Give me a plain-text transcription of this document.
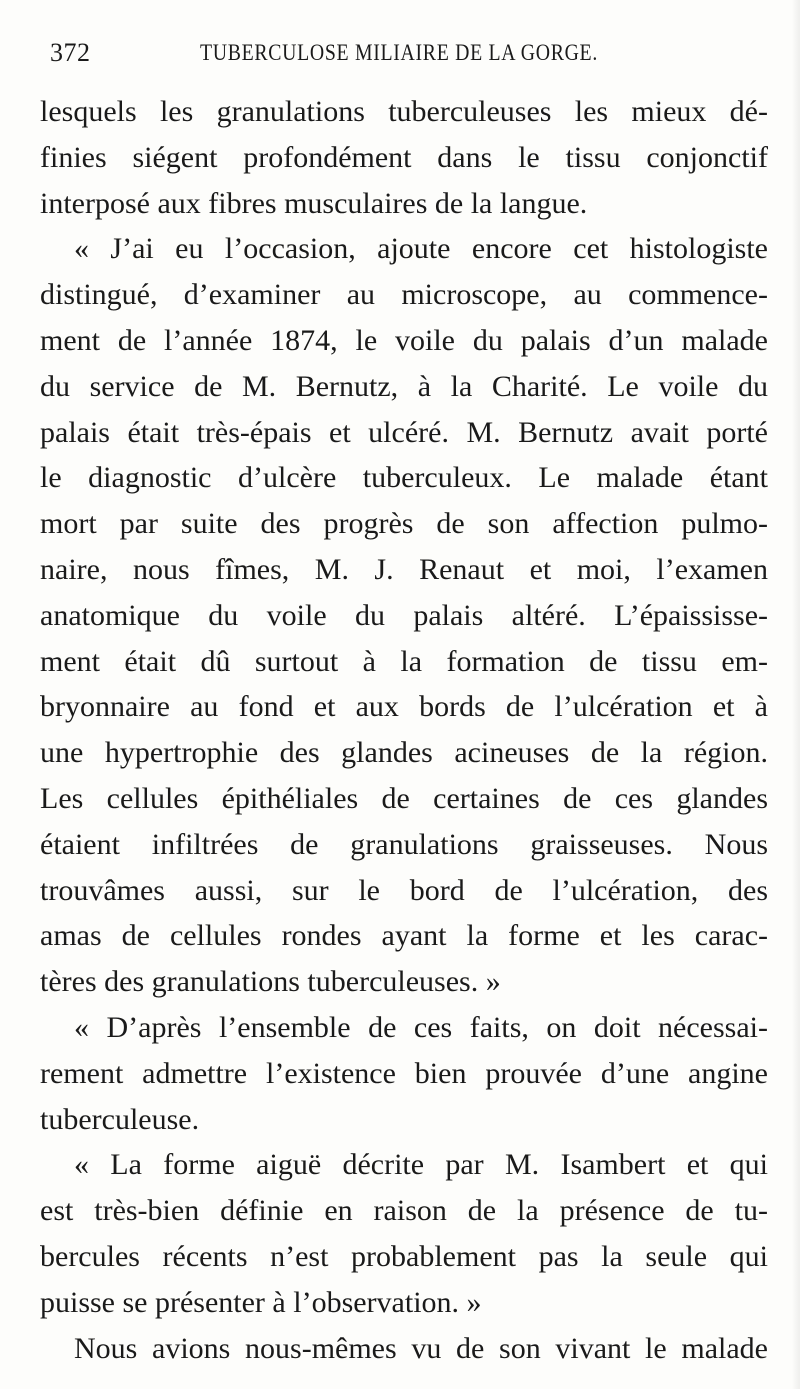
372	TUBERCULOSE MILIAIRE DE LA GORGE.
lesquels les granulations tuberculeuses les mieux dé-
finies siégent profondément dans le tissu conjonctif
interposé aux fibres musculaires de la langue.
« J’ai eu l’occasion, ajoute encore cet histologiste
distingué, d’examiner au microscope, au commence-
ment de l’année 1874, le voile du palais d’un malade
du service de M. Bernutz, à la Charité. Le voile du
palais était très-épais et ulcéré. M. Bernutz avait porté
le diagnostic d’ulcère tuberculeux. Le malade étant
mort par suite des progrès de son affection pulmo-
naire, nous fîmes, M. J. Renaut et moi, l’examen
anatomique du voile du palais altéré. L’épaississe-
ment était dû surtout à la formation de tissu em-
bryonnaire au fond et aux bords de l’ulcération et à
une hypertrophie des glandes acineuses de la région.
Les cellules épithéliales de certaines de ces glandes
étaient infiltrées de granulations graisseuses. Nous
trouvâmes aussi, sur le bord de l’ulcération, des
amas de cellules rondes ayant la forme et les carac-
tères des granulations tuberculeuses. »
« D’après l’ensemble de ces faits, on doit nécessai-
rement admettre l’existence bien prouvée d’une angine
tuberculeuse.
« La forme aiguë décrite par M. Isambert et qui
est très-bien définie en raison de la présence de tu-
bercules récents n’est probablement pas la seule qui
puisse se présenter à l’observation. »
Nous avions nous-mêmes vu de son vivant le malade
